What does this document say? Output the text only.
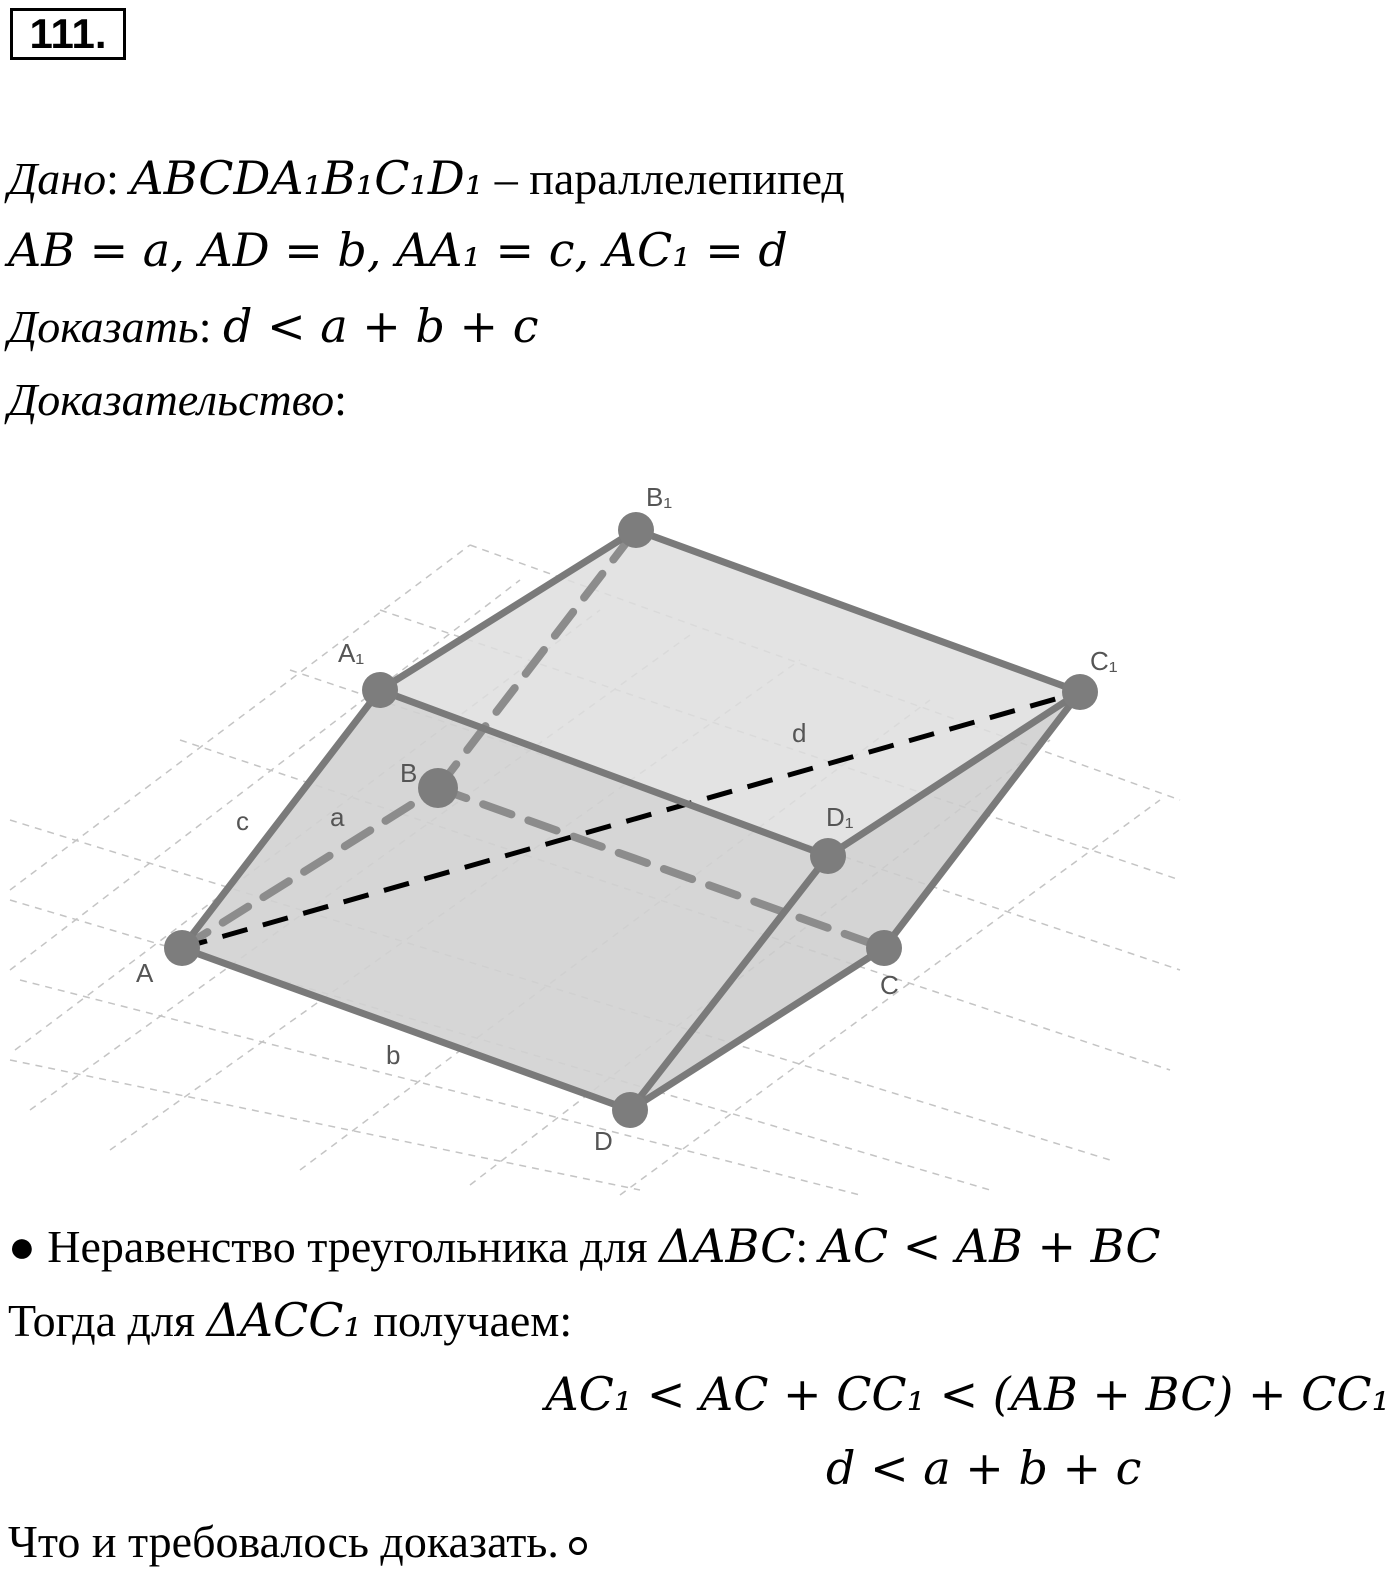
111.
Дано: ABCDA₁B₁C₁D₁ – параллелепипед
AB = a, AD = b, AA₁ = c, AC₁ = d
Доказать: d < a + b + c
Доказательство:
A
B
C
D
A₁
B₁
C₁
D₁
a
b
c
d
● Неравенство треугольника для ΔABC: AC < AB + BC
Тогда для ΔACC₁ получаем:
AC₁ < AC + CC₁ < (AB + BC) + CC₁
d < a + b + c
Что и требовалось доказать.
